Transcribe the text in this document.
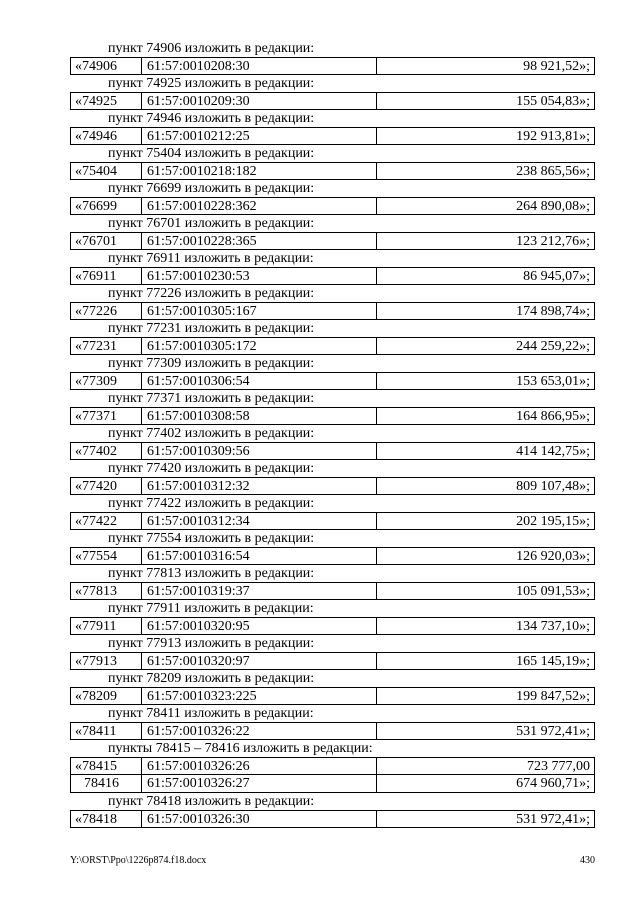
пункт 74906 изложить в редакции:
«74906	61:57:0010208:30	98 921,52»;
пункт 74925 изложить в редакции:
«74925	61:57:0010209:30	155 054,83»;
пункт 74946 изложить в редакции:
«74946	61:57:0010212:25	192 913,81»;
пункт 75404 изложить в редакции:
«75404	61:57:0010218:182	238 865,56»;
пункт 76699 изложить в редакции:
«76699	61:57:0010228:362	264 890,08»;
пункт 76701 изложить в редакции:
«76701	61:57:0010228:365	123 212,76»;
пункт 76911 изложить в редакции:
«76911	61:57:0010230:53	86 945,07»;
пункт 77226 изложить в редакции:
«77226	61:57:0010305:167	174 898,74»;
пункт 77231 изложить в редакции:
«77231	61:57:0010305:172	244 259,22»;
пункт 77309 изложить в редакции:
«77309	61:57:0010306:54	153 653,01»;
пункт 77371 изложить в редакции:
«77371	61:57:0010308:58	164 866,95»;
пункт 77402 изложить в редакции:
«77402	61:57:0010309:56	414 142,75»;
пункт 77420 изложить в редакции:
«77420	61:57:0010312:32	809 107,48»;
пункт 77422 изложить в редакции:
«77422	61:57:0010312:34	202 195,15»;
пункт 77554 изложить в редакции:
«77554	61:57:0010316:54	126 920,03»;
пункт 77813 изложить в редакции:
«77813	61:57:0010319:37	105 091,53»;
пункт 77911 изложить в редакции:
«77911	61:57:0010320:95	134 737,10»;
пункт 77913 изложить в редакции:
«77913	61:57:0010320:97	165 145,19»;
пункт 78209 изложить в редакции:
«78209	61:57:0010323:225	199 847,52»;
пункт 78411 изложить в редакции:
«78411	61:57:0010326:22	531 972,41»;
пункты 78415 – 78416 изложить в редакции:
«78415	61:57:0010326:26	723 777,00
78416	61:57:0010326:27	674 960,71»;
пункт 78418 изложить в редакции:
«78418	61:57:0010326:30	531 972,41»;
Y:\ORST\Ppo\1226p874.f18.docx	430
